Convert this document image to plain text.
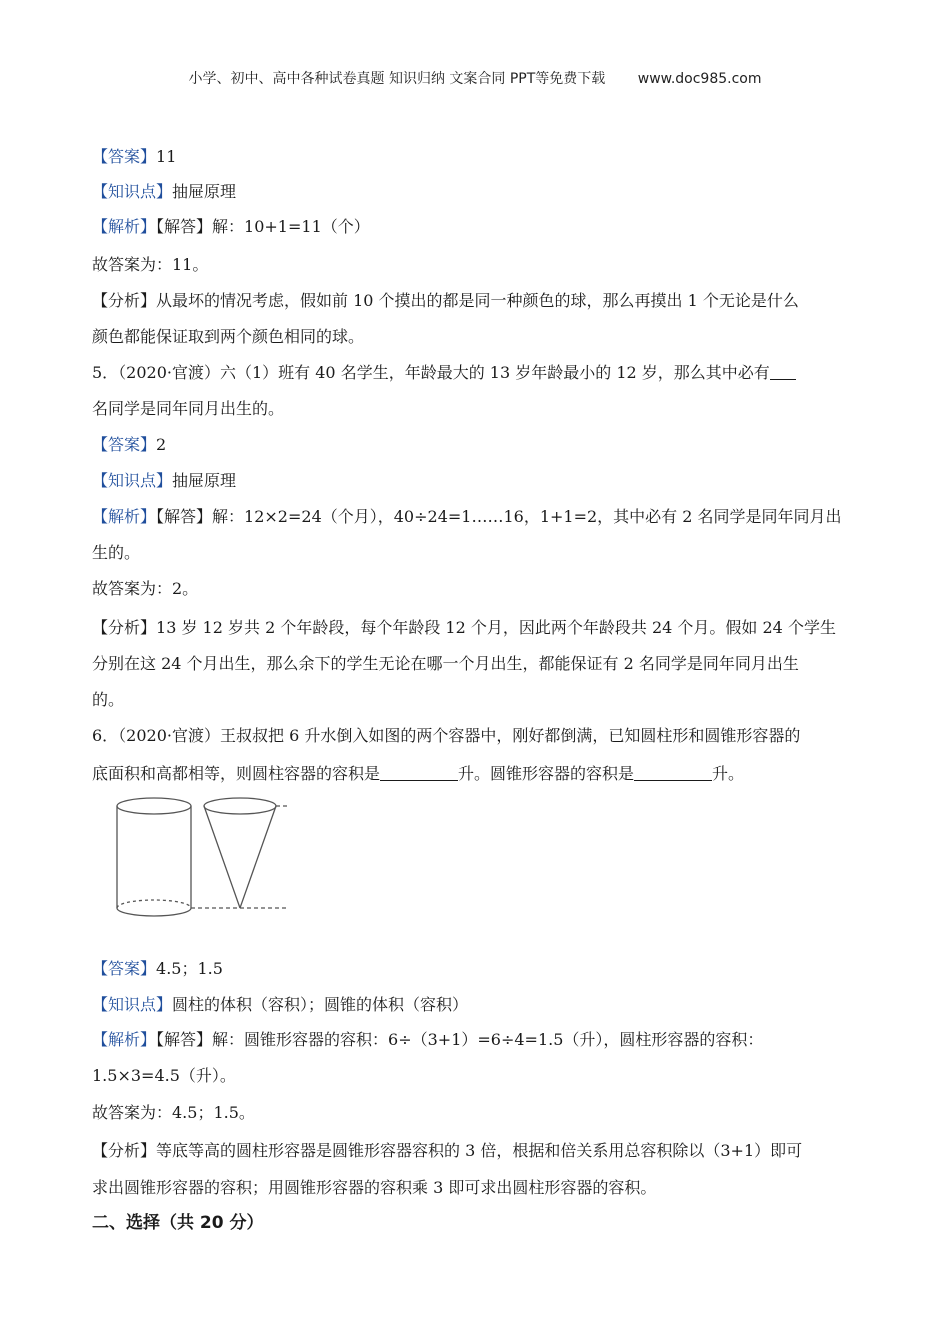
小学、初中、高中各种试卷真题 知识归纳 文案合同 PPT等免费下载 www.doc985.com
【答案】11
【知识点】抽屉原理
【解析】【解答】解：10+1=11（个）
故答案为：11。
【分析】从最坏的情况考虑，假如前 10 个摸出的都是同一种颜色的球，那么再摸出 1 个无论是什么
颜色都能保证取到两个颜色相同的球。
5．（2020·官渡）六（1）班有 40 名学生，年龄最大的 13 岁年龄最小的 12 岁，那么其中必有
名同学是同年同月出生的。
【答案】2
【知识点】抽屉原理
【解析】【解答】解：12×2=24（个月），40÷24=1……16，1+1=2，其中必有 2 名同学是同年同月出
生的。
故答案为：2。
【分析】13 岁 12 岁共 2 个年龄段，每个年龄段 12 个月，因此两个年龄段共 24 个月。假如 24 个学生
分别在这 24 个月出生，那么余下的学生无论在哪一个月出生，都能保证有 2 名同学是同年同月出生
的。
6．（2020·官渡）王叔叔把 6 升水倒入如图的两个容器中，刚好都倒满，已知圆柱形和圆锥形容器的
底面积和高都相等，则圆柱容器的容积是	升。圆锥形容器的容积是	升。
【答案】4.5；1.5
【知识点】圆柱的体积（容积）；圆锥的体积（容积）
【解析】【解答】解：圆锥形容器的容积：6÷（3+1）=6÷4=1.5（升），圆柱形容器的容积：
1.5×3=4.5（升）。
故答案为：4.5；1.5。
【分析】等底等高的圆柱形容器是圆锥形容器容积的 3 倍，根据和倍关系用总容积除以（3+1）即可
求出圆锥形容器的容积；用圆锥形容器的容积乘 3 即可求出圆柱形容器的容积。
二、选择（共 20 分）
